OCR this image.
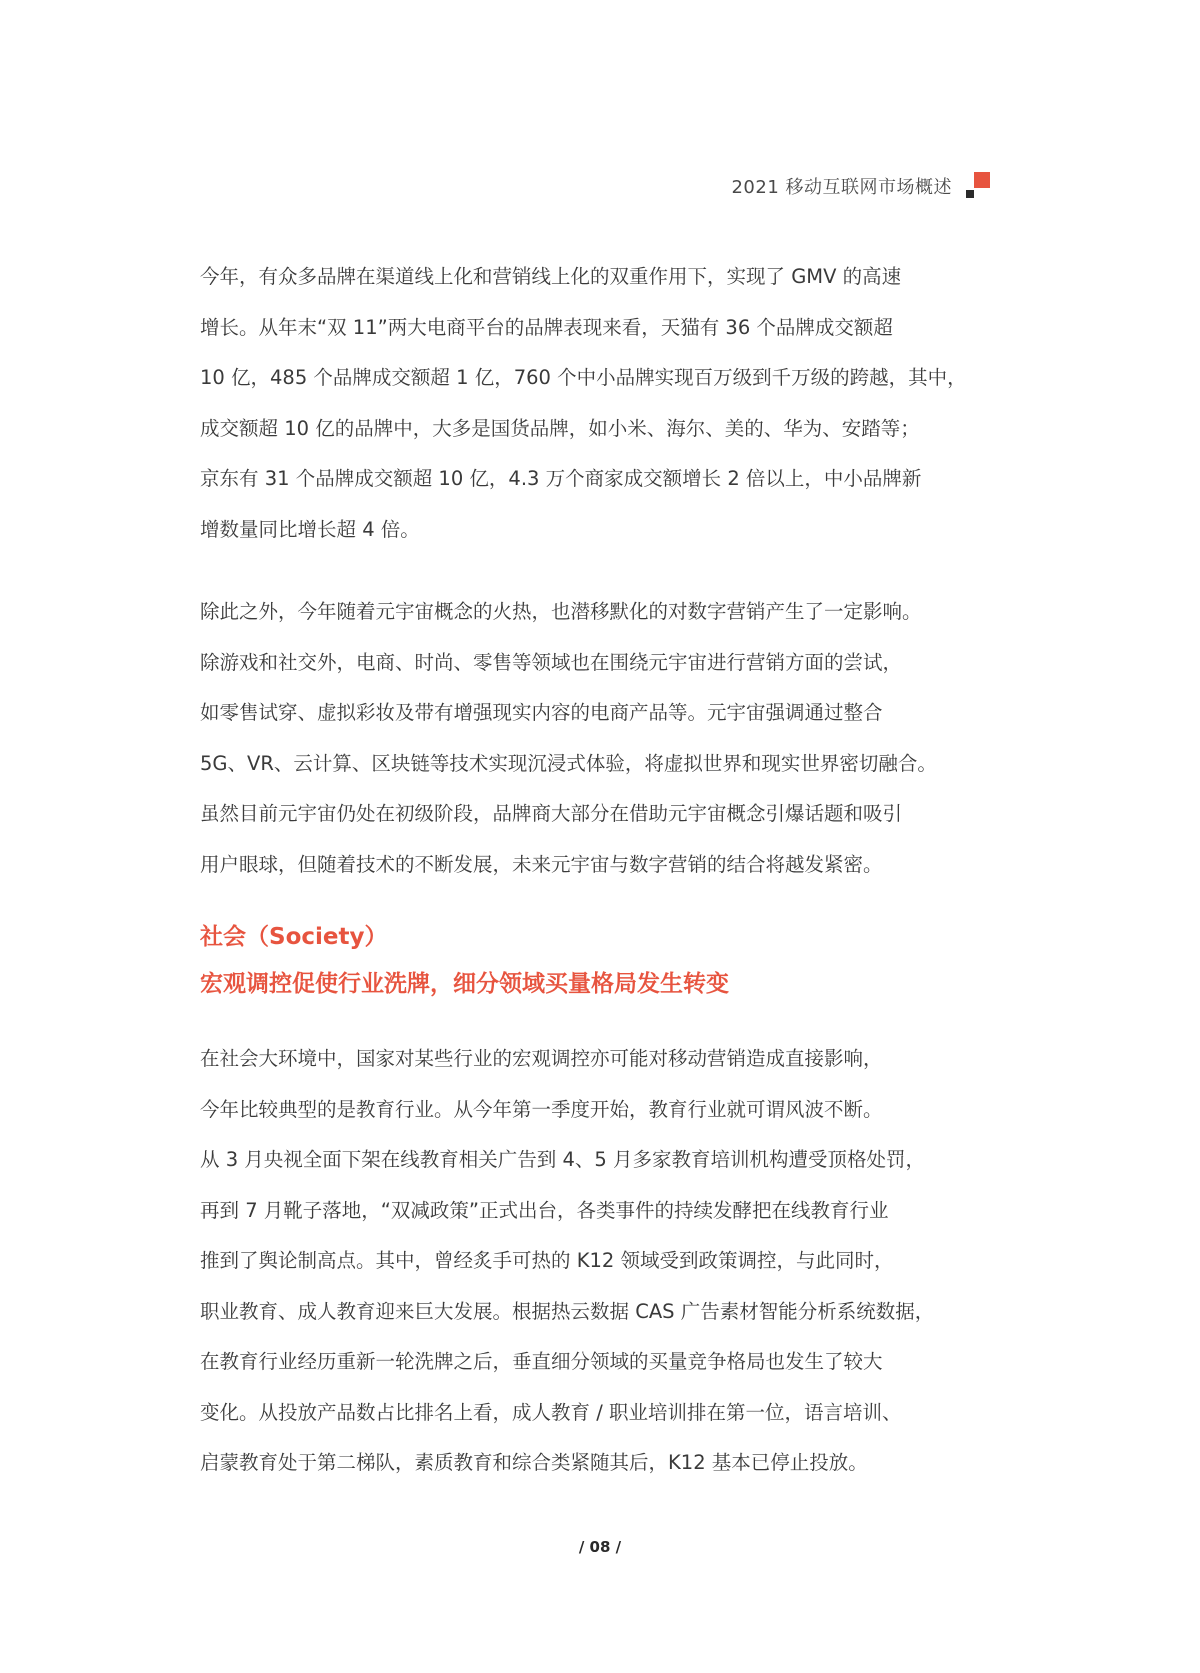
2021 移动互联网市场概述

今年，有众多品牌在渠道线上化和营销线上化的双重作用下，实现了 GMV 的高速
增长。从年末“双 11”两大电商平台的品牌表现来看，天猫有 36 个品牌成交额超
10 亿，485 个品牌成交额超 1 亿，760 个中小品牌实现百万级到千万级的跨越，其中，
成交额超 10 亿的品牌中，大多是国货品牌，如小米、海尔、美的、华为、安踏等；
京东有 31 个品牌成交额超 10 亿，4.3 万个商家成交额增长 2 倍以上，中小品牌新
增数量同比增长超 4 倍。

除此之外，今年随着元宇宙概念的火热，也潜移默化的对数字营销产生了一定影响。
除游戏和社交外，电商、时尚、零售等领域也在围绕元宇宙进行营销方面的尝试，
如零售试穿、虚拟彩妆及带有增强现实内容的电商产品等。元宇宙强调通过整合
5G、VR、云计算、区块链等技术实现沉浸式体验，将虚拟世界和现实世界密切融合。
虽然目前元宇宙仍处在初级阶段，品牌商大部分在借助元宇宙概念引爆话题和吸引
用户眼球，但随着技术的不断发展，未来元宇宙与数字营销的结合将越发紧密。

社会（Society）
宏观调控促使行业洗牌，细分领域买量格局发生转变

在社会大环境中，国家对某些行业的宏观调控亦可能对移动营销造成直接影响，
今年比较典型的是教育行业。从今年第一季度开始，教育行业就可谓风波不断。
从 3 月央视全面下架在线教育相关广告到 4、5 月多家教育培训机构遭受顶格处罚，
再到 7 月靴子落地，“双减政策”正式出台，各类事件的持续发酵把在线教育行业
推到了舆论制高点。其中，曾经炙手可热的 K12 领域受到政策调控，与此同时，
职业教育、成人教育迎来巨大发展。根据热云数据 CAS 广告素材智能分析系统数据，
在教育行业经历重新一轮洗牌之后，垂直细分领域的买量竞争格局也发生了较大
变化。从投放产品数占比排名上看，成人教育 / 职业培训排在第一位，语言培训、
启蒙教育处于第二梯队，素质教育和综合类紧随其后，K12 基本已停止投放。

/ 08 /
